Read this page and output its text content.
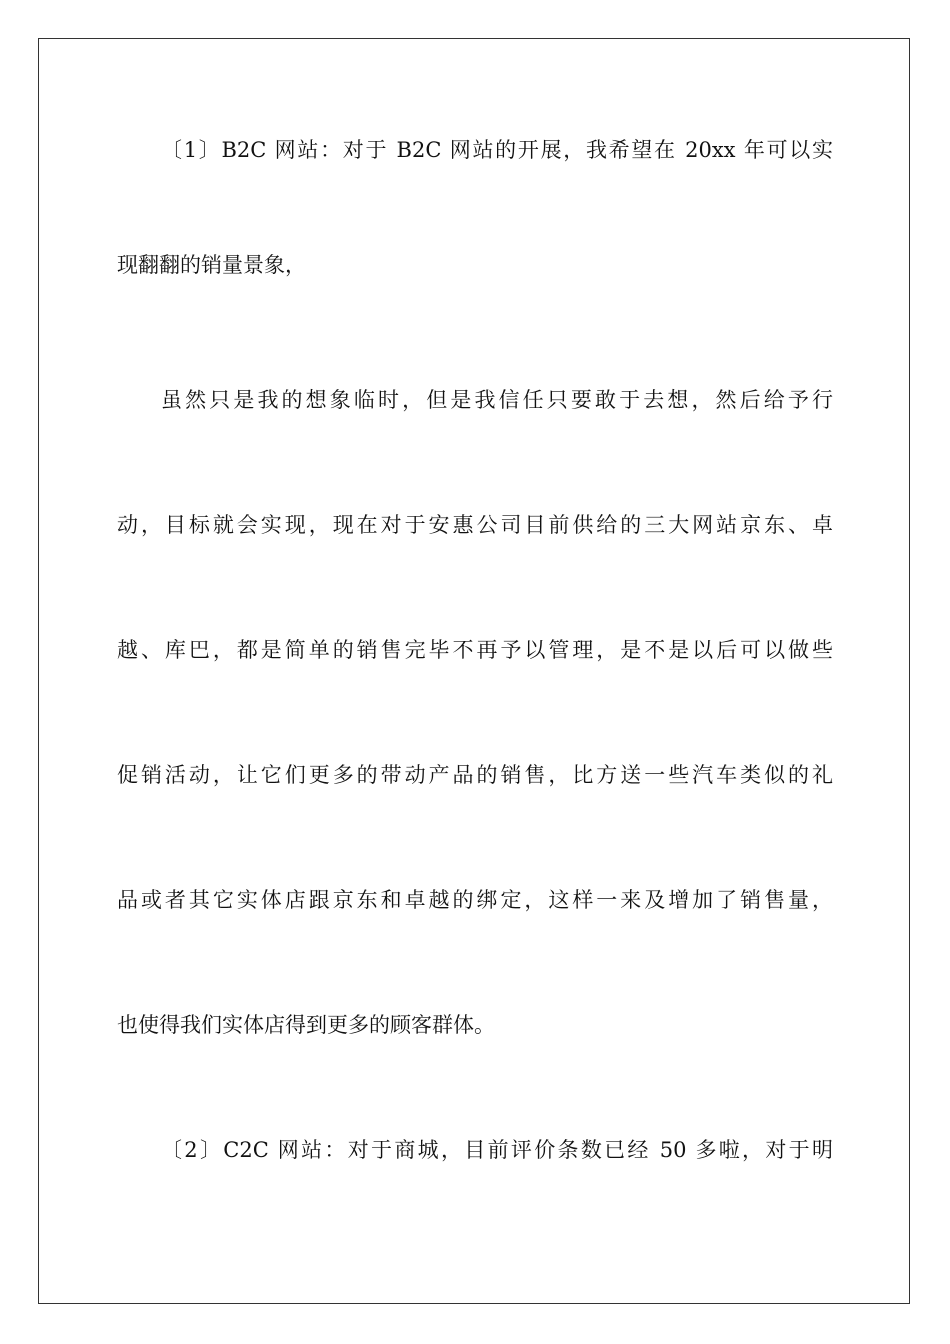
〔1〕B2C 网站：对于 B2C 网站的开展，我希望在 20xx 年可以实
现翻翻的销量景象，
虽然只是我的想象临时，但是我信任只要敢于去想，然后给予行
动，目标就会实现，现在对于安惠公司目前供给的三大网站京东、卓
越、库巴，都是简单的销售完毕不再予以管理，是不是以后可以做些
促销活动，让它们更多的带动产品的销售，比方送一些汽车类似的礼
品或者其它实体店跟京东和卓越的绑定，这样一来及增加了销售量，
也使得我们实体店得到更多的顾客群体。
〔2〕C2C 网站：对于商城，目前评价条数已经 50 多啦，对于明
